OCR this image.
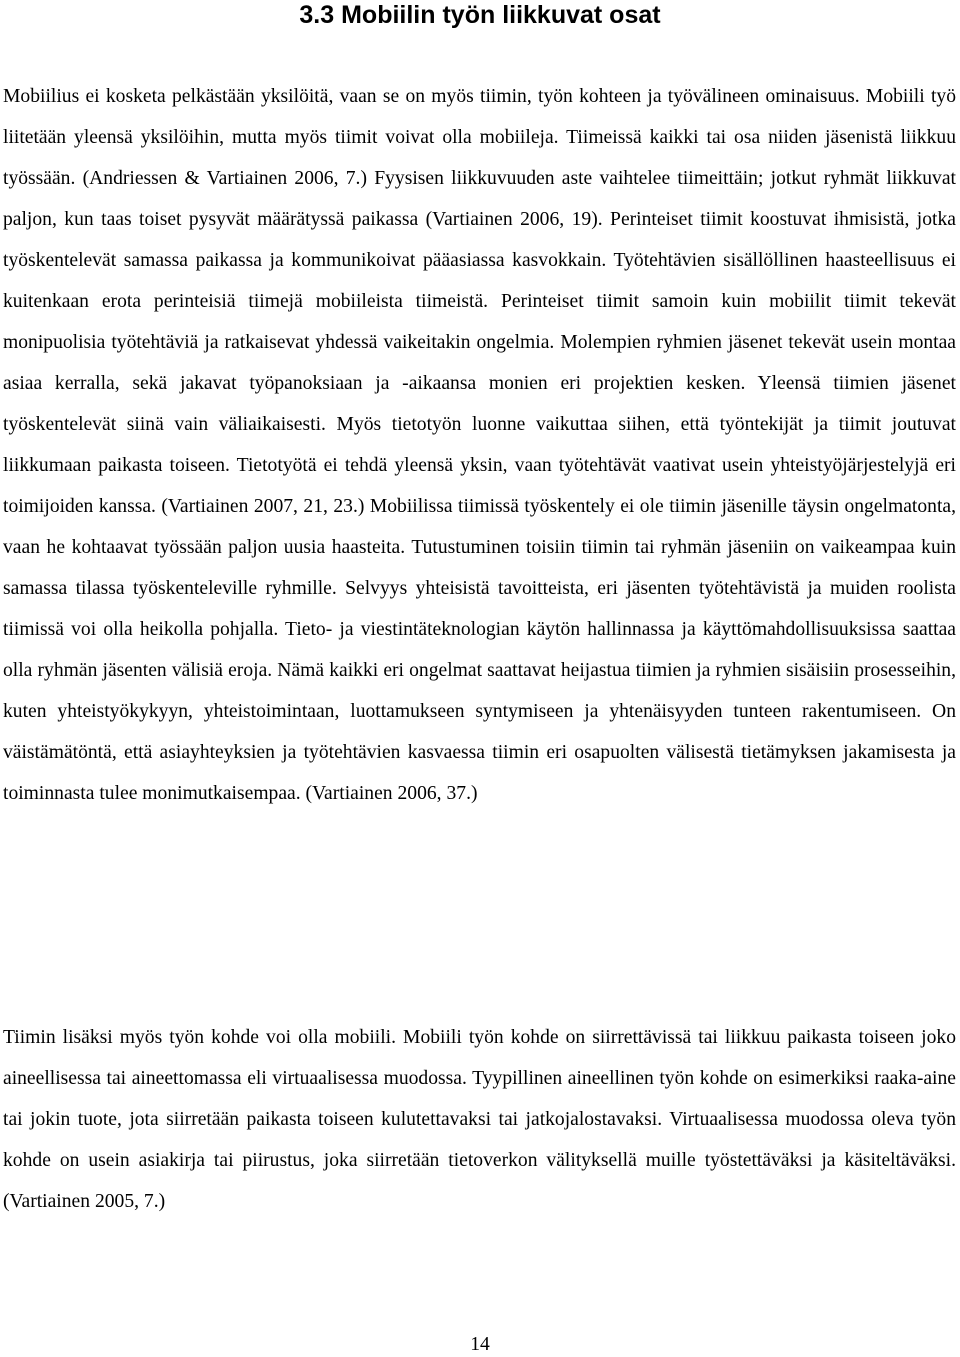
3.3 Mobiilin työn liikkuvat osat

Mobiilius ei kosketa pelkästään yksilöitä, vaan se on myös tiimin, työn kohteen ja työvälineen ominaisuus. Mobiili työ liitetään yleensä yksilöihin, mutta myös tiimit voivat olla mobiileja. Tiimeissä kaikki tai osa niiden jäsenistä liikkuu työssään. (Andriessen & Vartiainen 2006, 7.) Fyysisen liikkuvuuden aste vaihtelee tiimeittäin; jotkut ryhmät liikkuvat paljon, kun taas toiset pysyvät määrätyssä paikassa (Vartiainen 2006, 19). Perinteiset tiimit koostuvat ihmisistä, jotka työskentelevät samassa paikassa ja kommunikoivat pääasiassa kasvokkain. Työtehtävien sisällöllinen haasteellisuus ei kuitenkaan erota perinteisiä tiimejä mobiileista tiimeistä. Perinteiset tiimit samoin kuin mobiilit tiimit tekevät monipuolisia työtehtäviä ja ratkaisevat yhdessä vaikeitakin ongelmia. Molempien ryhmien jäsenet tekevät usein montaa asiaa kerralla, sekä jakavat työpanoksiaan ja -aikaansa monien eri projektien kesken. Yleensä tiimien jäsenet työskentelevät siinä vain väliaikaisesti. Myös tietotyön luonne vaikuttaa siihen, että työntekijät ja tiimit joutuvat liikkumaan paikasta toiseen. Tietotyötä ei tehdä yleensä yksin, vaan työtehtävät vaativat usein yhteistyöjärjestelyjä eri toimijoiden kanssa. (Vartiainen 2007, 21, 23.) Mobiilissa tiimissä työskentely ei ole tiimin jäsenille täysin ongelmatonta, vaan he kohtaavat työssään paljon uusia haasteita. Tutustuminen toisiin tiimin tai ryhmän jäseniin on vaikeampaa kuin samassa tilassa työskenteleville ryhmille. Selvyys yhteisistä tavoitteista, eri jäsenten työtehtävistä ja muiden roolista tiimissä voi olla heikolla pohjalla. Tieto- ja viestintäteknologian käytön hallinnassa ja käyttömahdollisuuksissa saattaa olla ryhmän jäsenten välisiä eroja. Nämä kaikki eri ongelmat saattavat heijastua tiimien ja ryhmien sisäisiin prosesseihin, kuten yhteistyökykyyn, yhteistoimintaan, luottamukseen syntymiseen ja yhtenäisyyden tunteen rakentumiseen. On väistämätöntä, että asiayhteyksien ja työtehtävien kasvaessa tiimin eri osapuolten välisestä tietämyksen jakamisesta ja toiminnasta tulee monimutkaisempaa. (Vartiainen 2006, 37.)

Tiimin lisäksi myös työn kohde voi olla mobiili. Mobiili työn kohde on siirrettävissä tai liikkuu paikasta toiseen joko aineellisessa tai aineettomassa eli virtuaalisessa muodossa. Tyypillinen aineellinen työn kohde on esimerkiksi raaka-aine tai jokin tuote, jota siirretään paikasta toiseen kulutettavaksi tai jatkojalostavaksi. Virtuaalisessa muodossa oleva työn kohde on usein asiakirja tai piirustus, joka siirretään tietoverkon välityksellä muille työstettäväksi ja käsiteltäväksi. (Vartiainen 2005, 7.)

14
